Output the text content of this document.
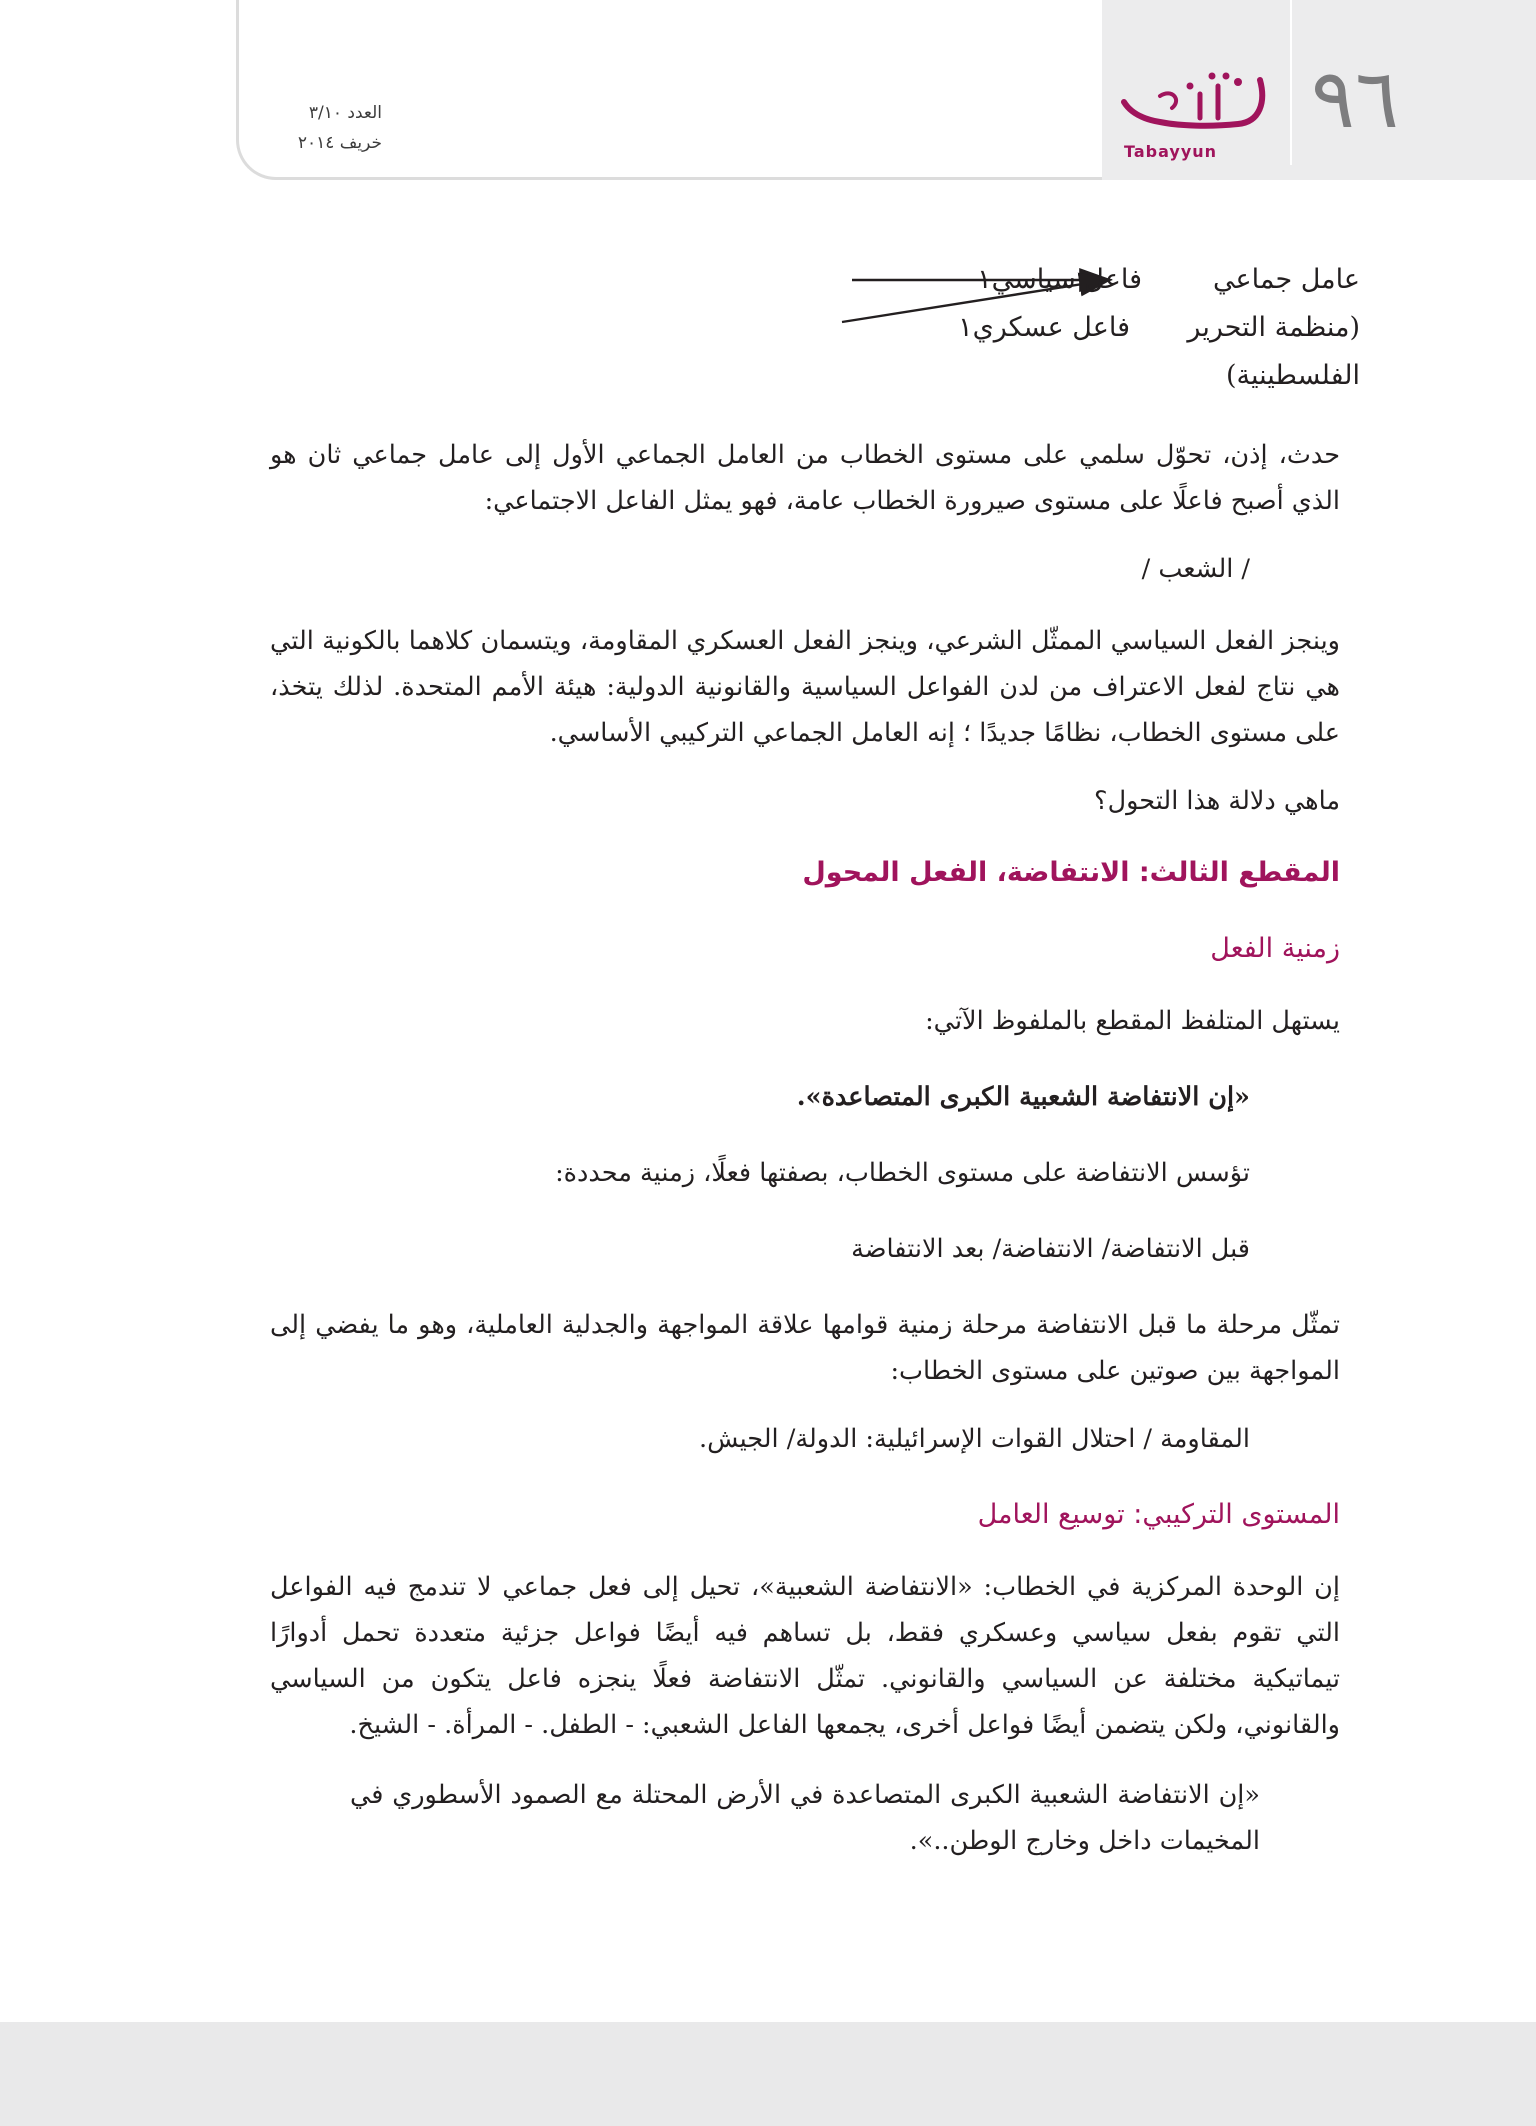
٩٦
Tabayyun
العدد ٣/١٠
خريف ٢٠١٤
عامل جماعي
(منظمة التحرير
الفلسطينية)
فاعل سياسي١
فاعل عسكري١

حدث، إذن، تحوّل سلمي على مستوى الخطاب من العامل الجماعي الأول إلى عامل جماعي ثان هو الذي أصبح فاعلًا على مستوى صيرورة الخطاب عامة، فهو يمثل الفاعل الاجتماعي:

/ الشعب /

وينجز الفعل السياسي الممثّل الشرعي، وينجز الفعل العسكري المقاومة، ويتسمان كلاهما بالكونية التي هي نتاج لفعل الاعتراف من لدن الفواعل السياسية والقانونية الدولية: هيئة الأمم المتحدة. لذلك يتخذ، على مستوى الخطاب، نظامًا جديدًا ؛ إنه العامل الجماعي التركيبي الأساسي.

ماهي دلالة هذا التحول؟

المقطع الثالث: الانتفاضة، الفعل المحول

زمنية الفعل

يستهل المتلفظ المقطع بالملفوظ الآتي:

«إن الانتفاضة الشعبية الكبرى المتصاعدة».

تؤسس الانتفاضة على مستوى الخطاب، بصفتها فعلًا، زمنية محددة:

قبل الانتفاضة/ الانتفاضة/ بعد الانتفاضة

تمثّل مرحلة ما قبل الانتفاضة مرحلة زمنية قوامها علاقة المواجهة والجدلية العاملية، وهو ما يفضي إلى المواجهة بين صوتين على مستوى الخطاب:

المقاومة / احتلال القوات الإسرائيلية: الدولة/ الجيش.

المستوى التركيبي: توسيع العامل

إن الوحدة المركزية في الخطاب: «الانتفاضة الشعبية»، تحيل إلى فعل جماعي لا تندمج فيه الفواعل التي تقوم بفعل سياسي وعسكري فقط، بل تساهم فيه أيضًا فواعل جزئية متعددة تحمل أدوارًا تيماتيكية مختلفة عن السياسي والقانوني. تمثّل الانتفاضة فعلًا ينجزه فاعل يتكون من السياسي والقانوني، ولكن يتضمن أيضًا فواعل أخرى، يجمعها الفاعل الشعبي: - الطفل. - المرأة. - الشيخ.

«إن الانتفاضة الشعبية الكبرى المتصاعدة في الأرض المحتلة مع الصمود الأسطوري في المخيمات داخل وخارج الوطن..».
